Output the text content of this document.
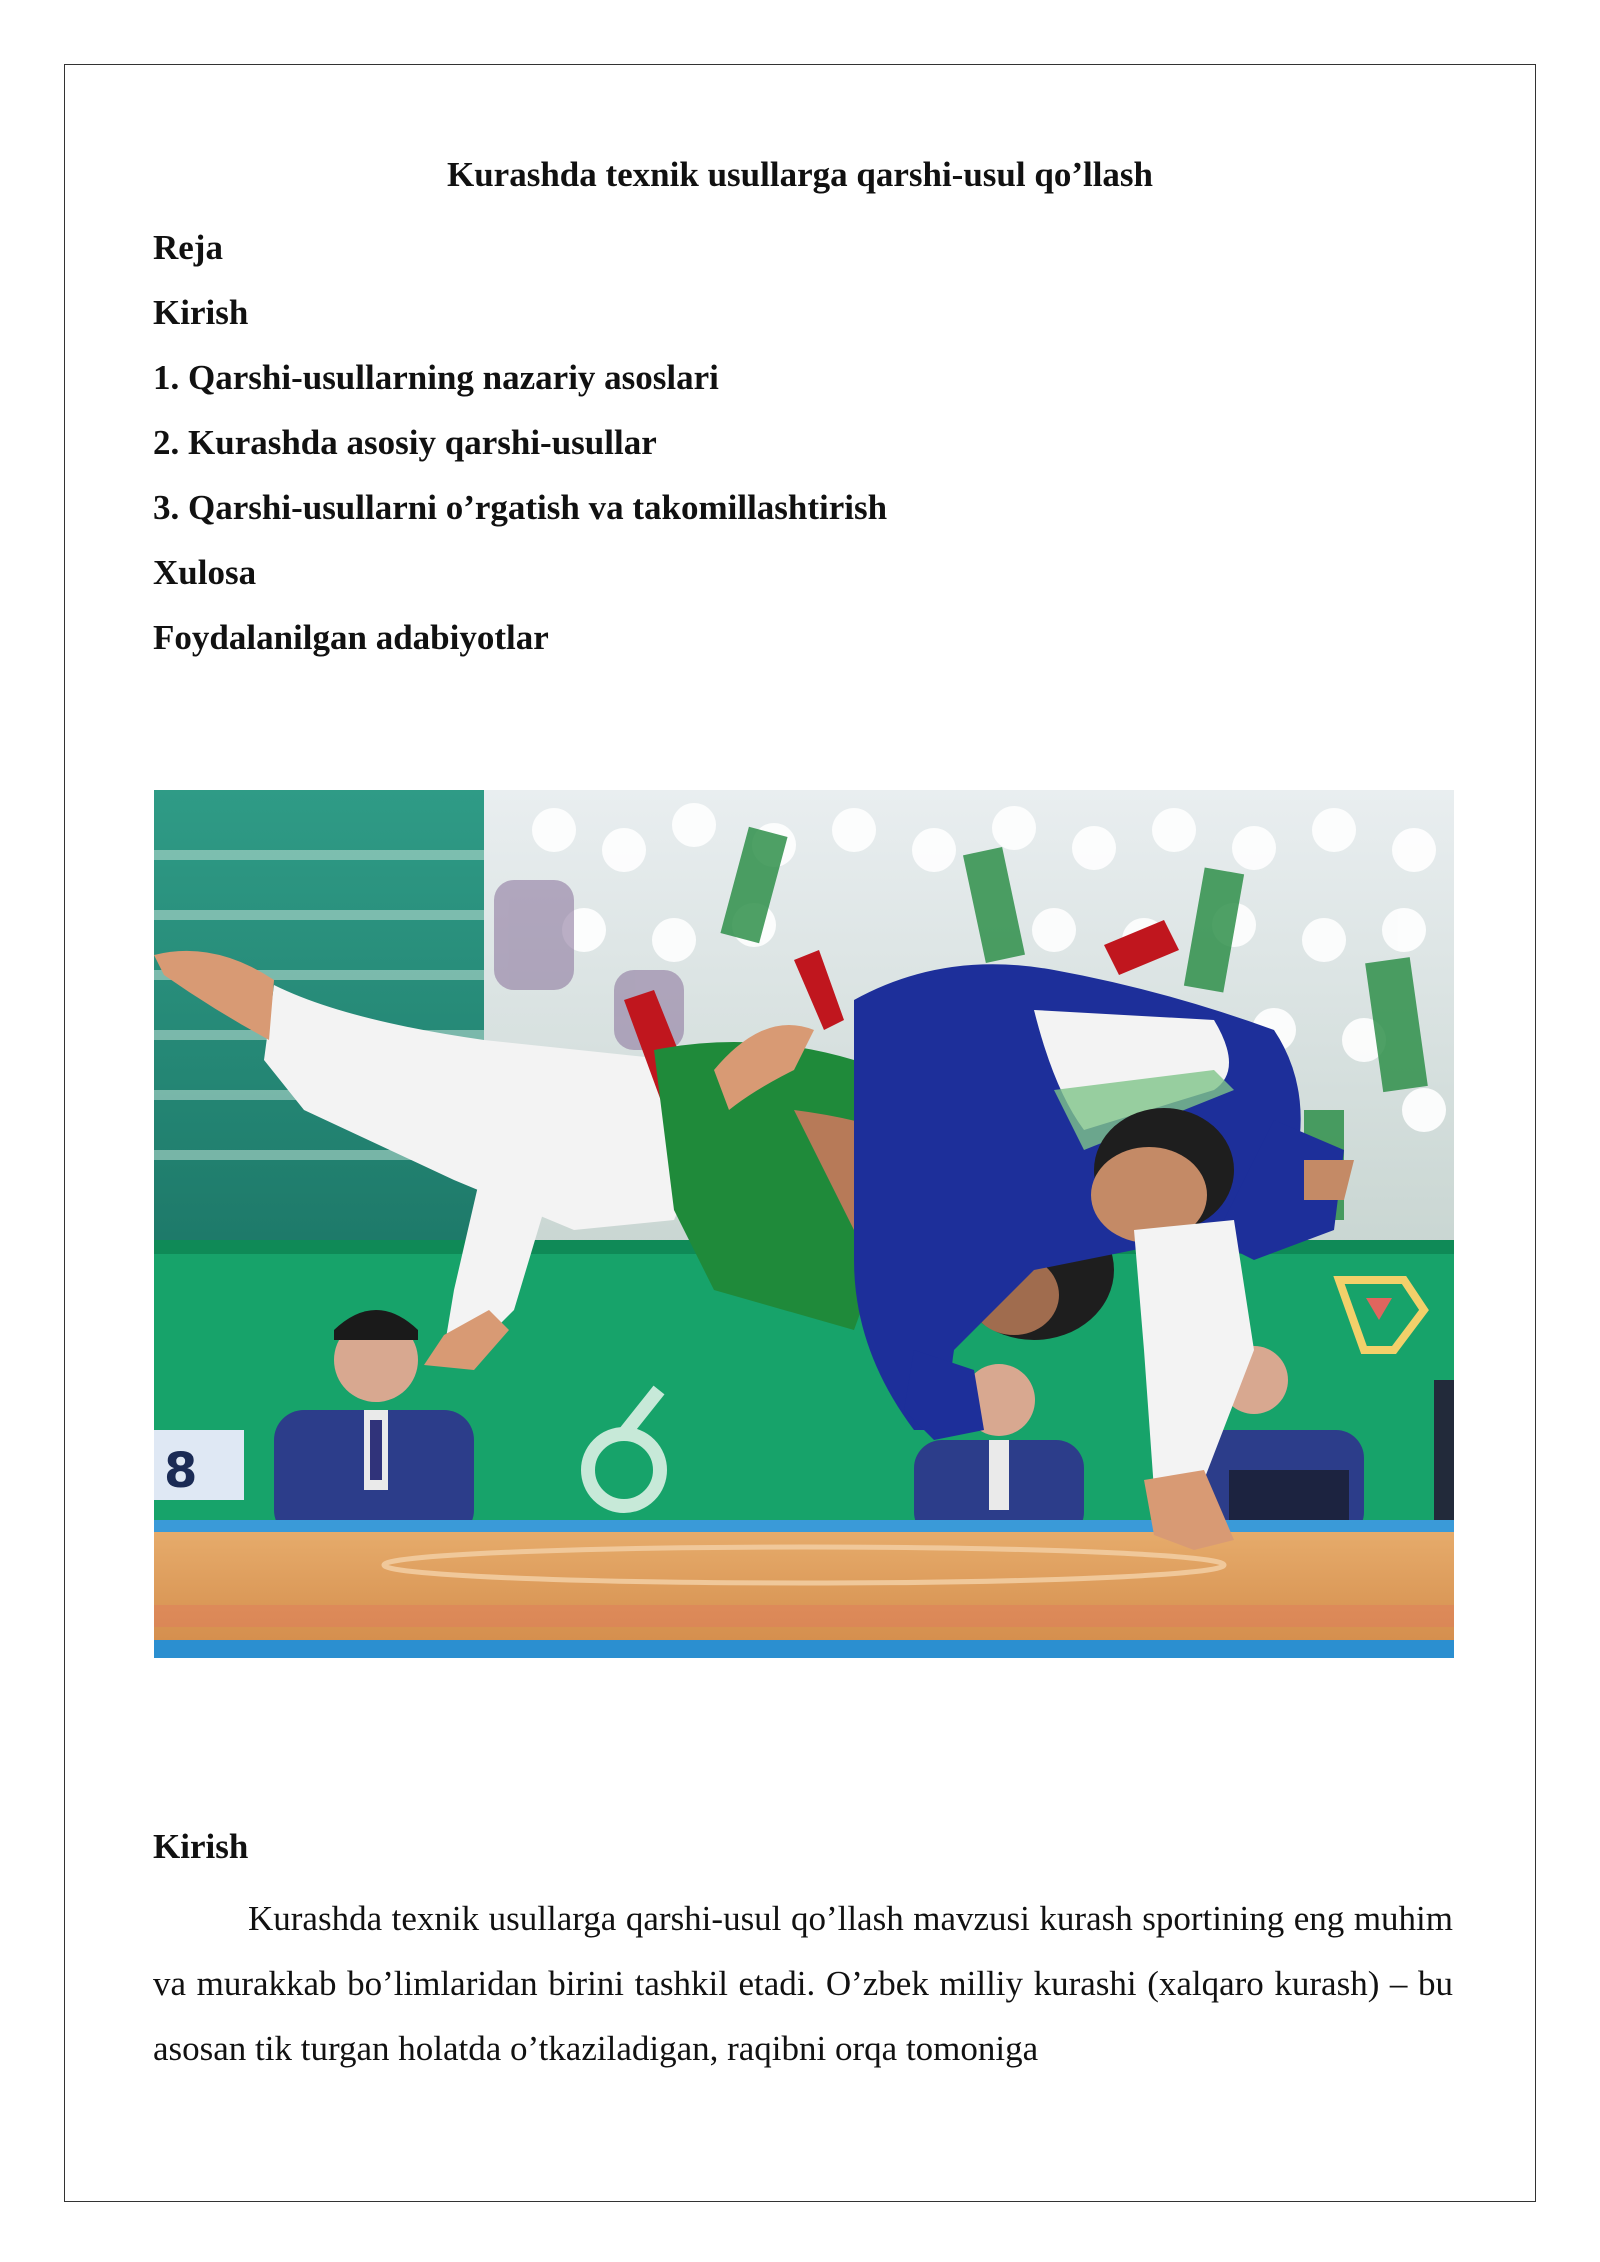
Kurashda texnik usullarga qarshi-usul qo’llash
Reja
Kirish
1. Qarshi-usullarning nazariy asoslari
2. Kurashda asosiy qarshi-usullar
3. Qarshi-usullarni o’rgatish va takomillashtirish
Xulosa
Foydalanilgan adabiyotlar
8
Kirish

Kurashda texnik usullarga qarshi-usul qo’llash mavzusi kurash sportining eng muhim va murakkab bo’limlaridan birini tashkil etadi. O’zbek milliy kurashi (xalqaro kurash) – bu asosan tik turgan holatda o’tkaziladigan, raqibni orqa tomoniga
